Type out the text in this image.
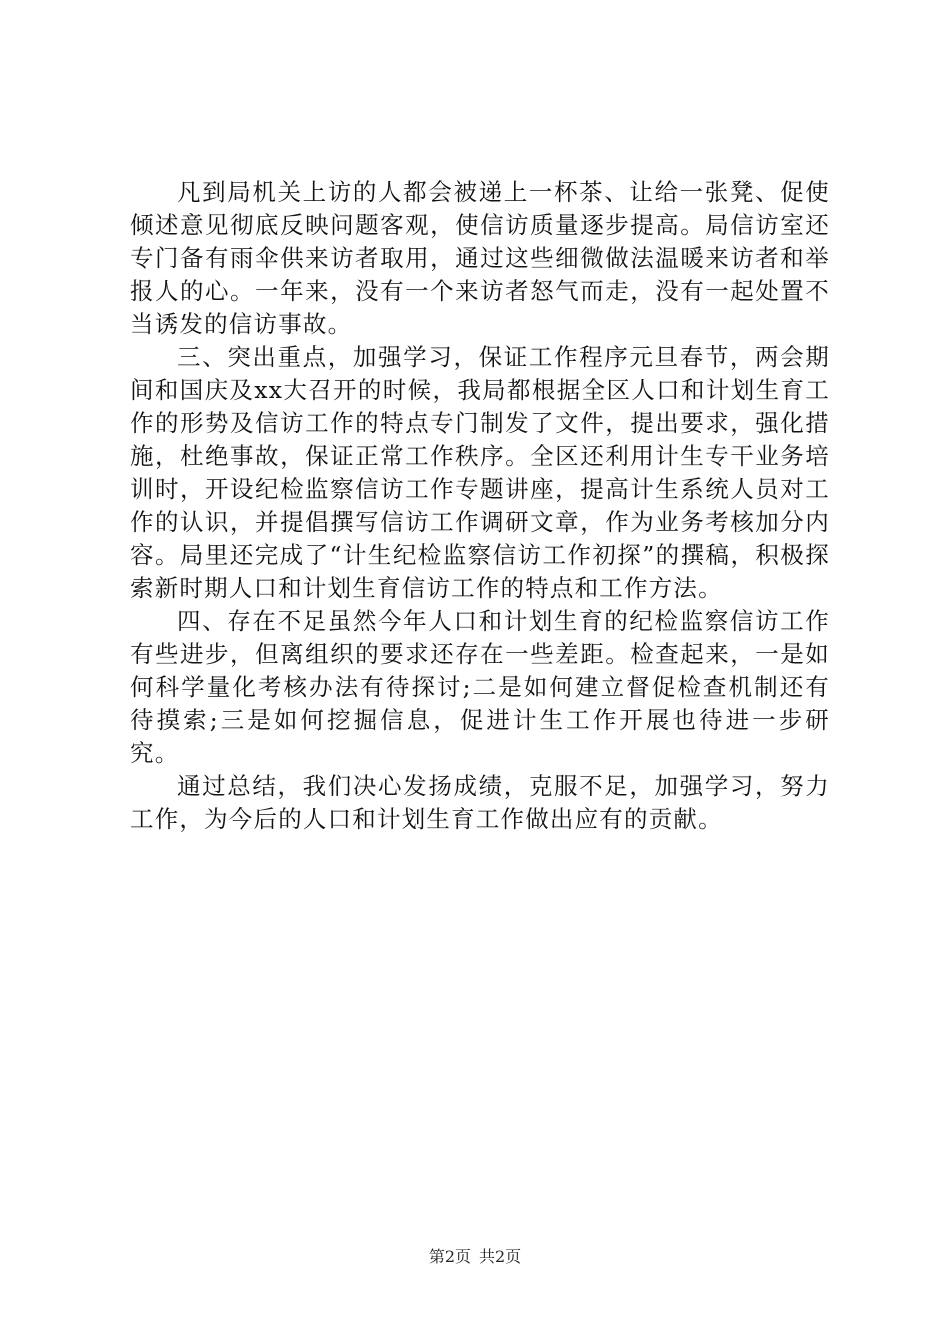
凡到局机关上访的人都会被递上一杯茶、让给一张凳、促使倾述意见彻底反映问题客观，使信访质量逐步提高。局信访室还专门备有雨伞供来访者取用，通过这些细微做法温暖来访者和举报人的心。一年来，没有一个来访者怒气而走，没有一起处置不当诱发的信访事故。

三、突出重点，加强学习，保证工作程序元旦春节，两会期间和国庆及xx大召开的时候，我局都根据全区人口和计划生育工作的形势及信访工作的特点专门制发了文件，提出要求，强化措施，杜绝事故，保证正常工作秩序。全区还利用计生专干业务培训时，开设纪检监察信访工作专题讲座，提高计生系统人员对工作的认识，并提倡撰写信访工作调研文章，作为业务考核加分内容。局里还完成了“计生纪检监察信访工作初探”的撰稿，积极探索新时期人口和计划生育信访工作的特点和工作方法。

四、存在不足虽然今年人口和计划生育的纪检监察信访工作有些进步，但离组织的要求还存在一些差距。检查起来，一是如何科学量化考核办法有待探讨;二是如何建立督促检查机制还有待摸索;三是如何挖掘信息，促进计生工作开展也待进一步研究。

通过总结，我们决心发扬成绩，克服不足，加强学习，努力工作，为今后的人口和计划生育工作做出应有的贡献。

第2页 共2页
